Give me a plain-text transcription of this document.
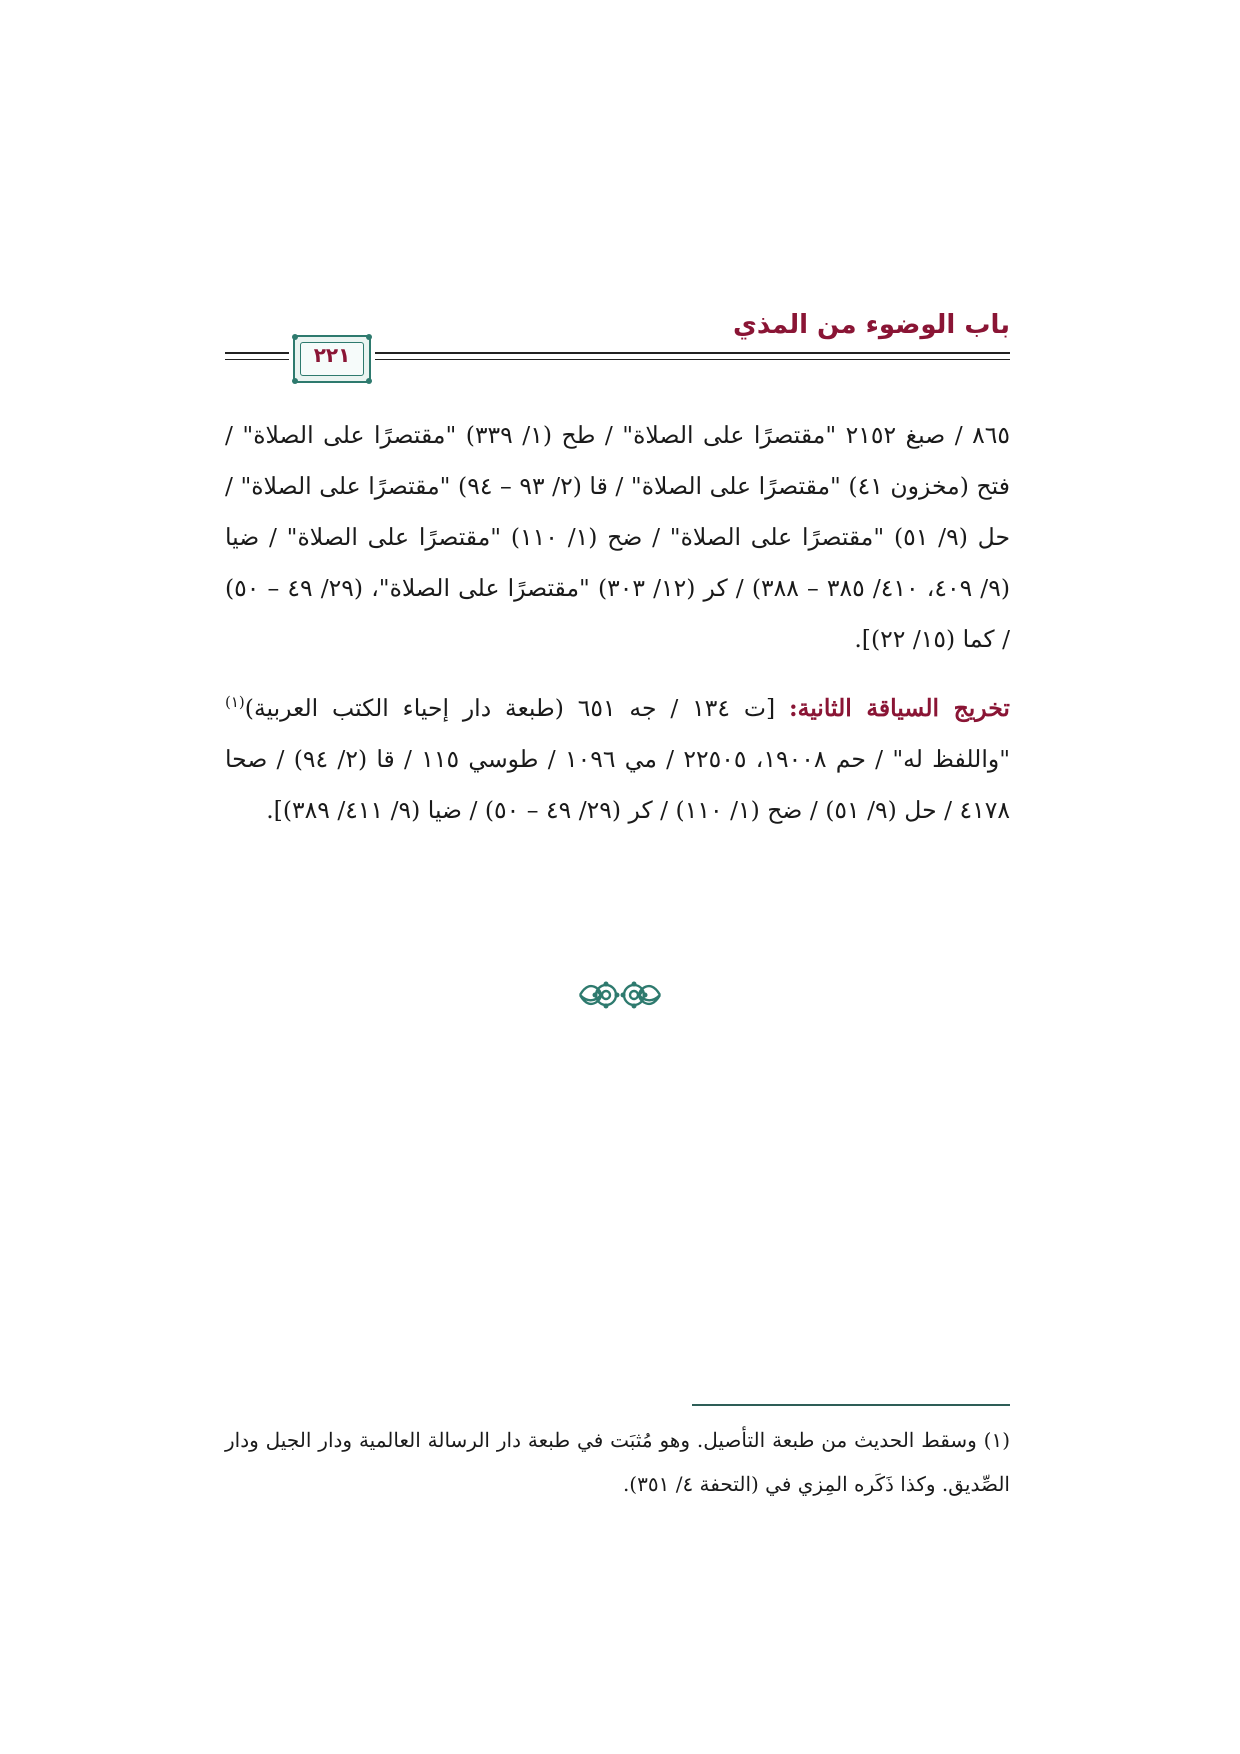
باب الوضوء من المذي
٢٢١

٨٦٥ / صبغ ٢١٥٢ "مقتصرًا على الصلاة" / طح (١/ ٣٣٩) "مقتصرًا على الصلاة" / فتح (مخزون ٤١) "مقتصرًا على الصلاة" / قا (٢/ ٩٣ – ٩٤) "مقتصرًا على الصلاة" / حل (٩/ ٥١) "مقتصرًا على الصلاة" / ضح (١/ ١١٠) "مقتصرًا على الصلاة" / ضيا (٩/ ٤٠٩، ٤١٠/ ٣٨٥ – ٣٨٨) / كر (١٢/ ٣٠٣) "مقتصرًا على الصلاة"، (٢٩/ ٤٩ – ٥٠) / كما (١٥/ ٢٢)].

تخريج السياقة الثانية: [ت ١٣٤ / جه ٦٥١ (طبعة دار إحياء الكتب العربية)$^{(١)}$ "واللفظ له" / حم ١٩٠٠٨، ٢٢٥٠٥ / مي ١٠٩٦ / طوسي ١١٥ / قا (٢/ ٩٤) / صحا ٤١٧٨ / حل (٩/ ٥١) / ضح (١/ ١١٠) / كر (٢٩/ ٤٩ – ٥٠) / ضيا (٩/ ٤١١/ ٣٨٩)].

(١) وسقط الحديث من طبعة التأصيل. وهو مُثبَت في طبعة دار الرسالة العالمية ودار الجيل ودار الصِّديق. وكذا ذَكَره المِزي في (التحفة ٤/ ٣٥١).
